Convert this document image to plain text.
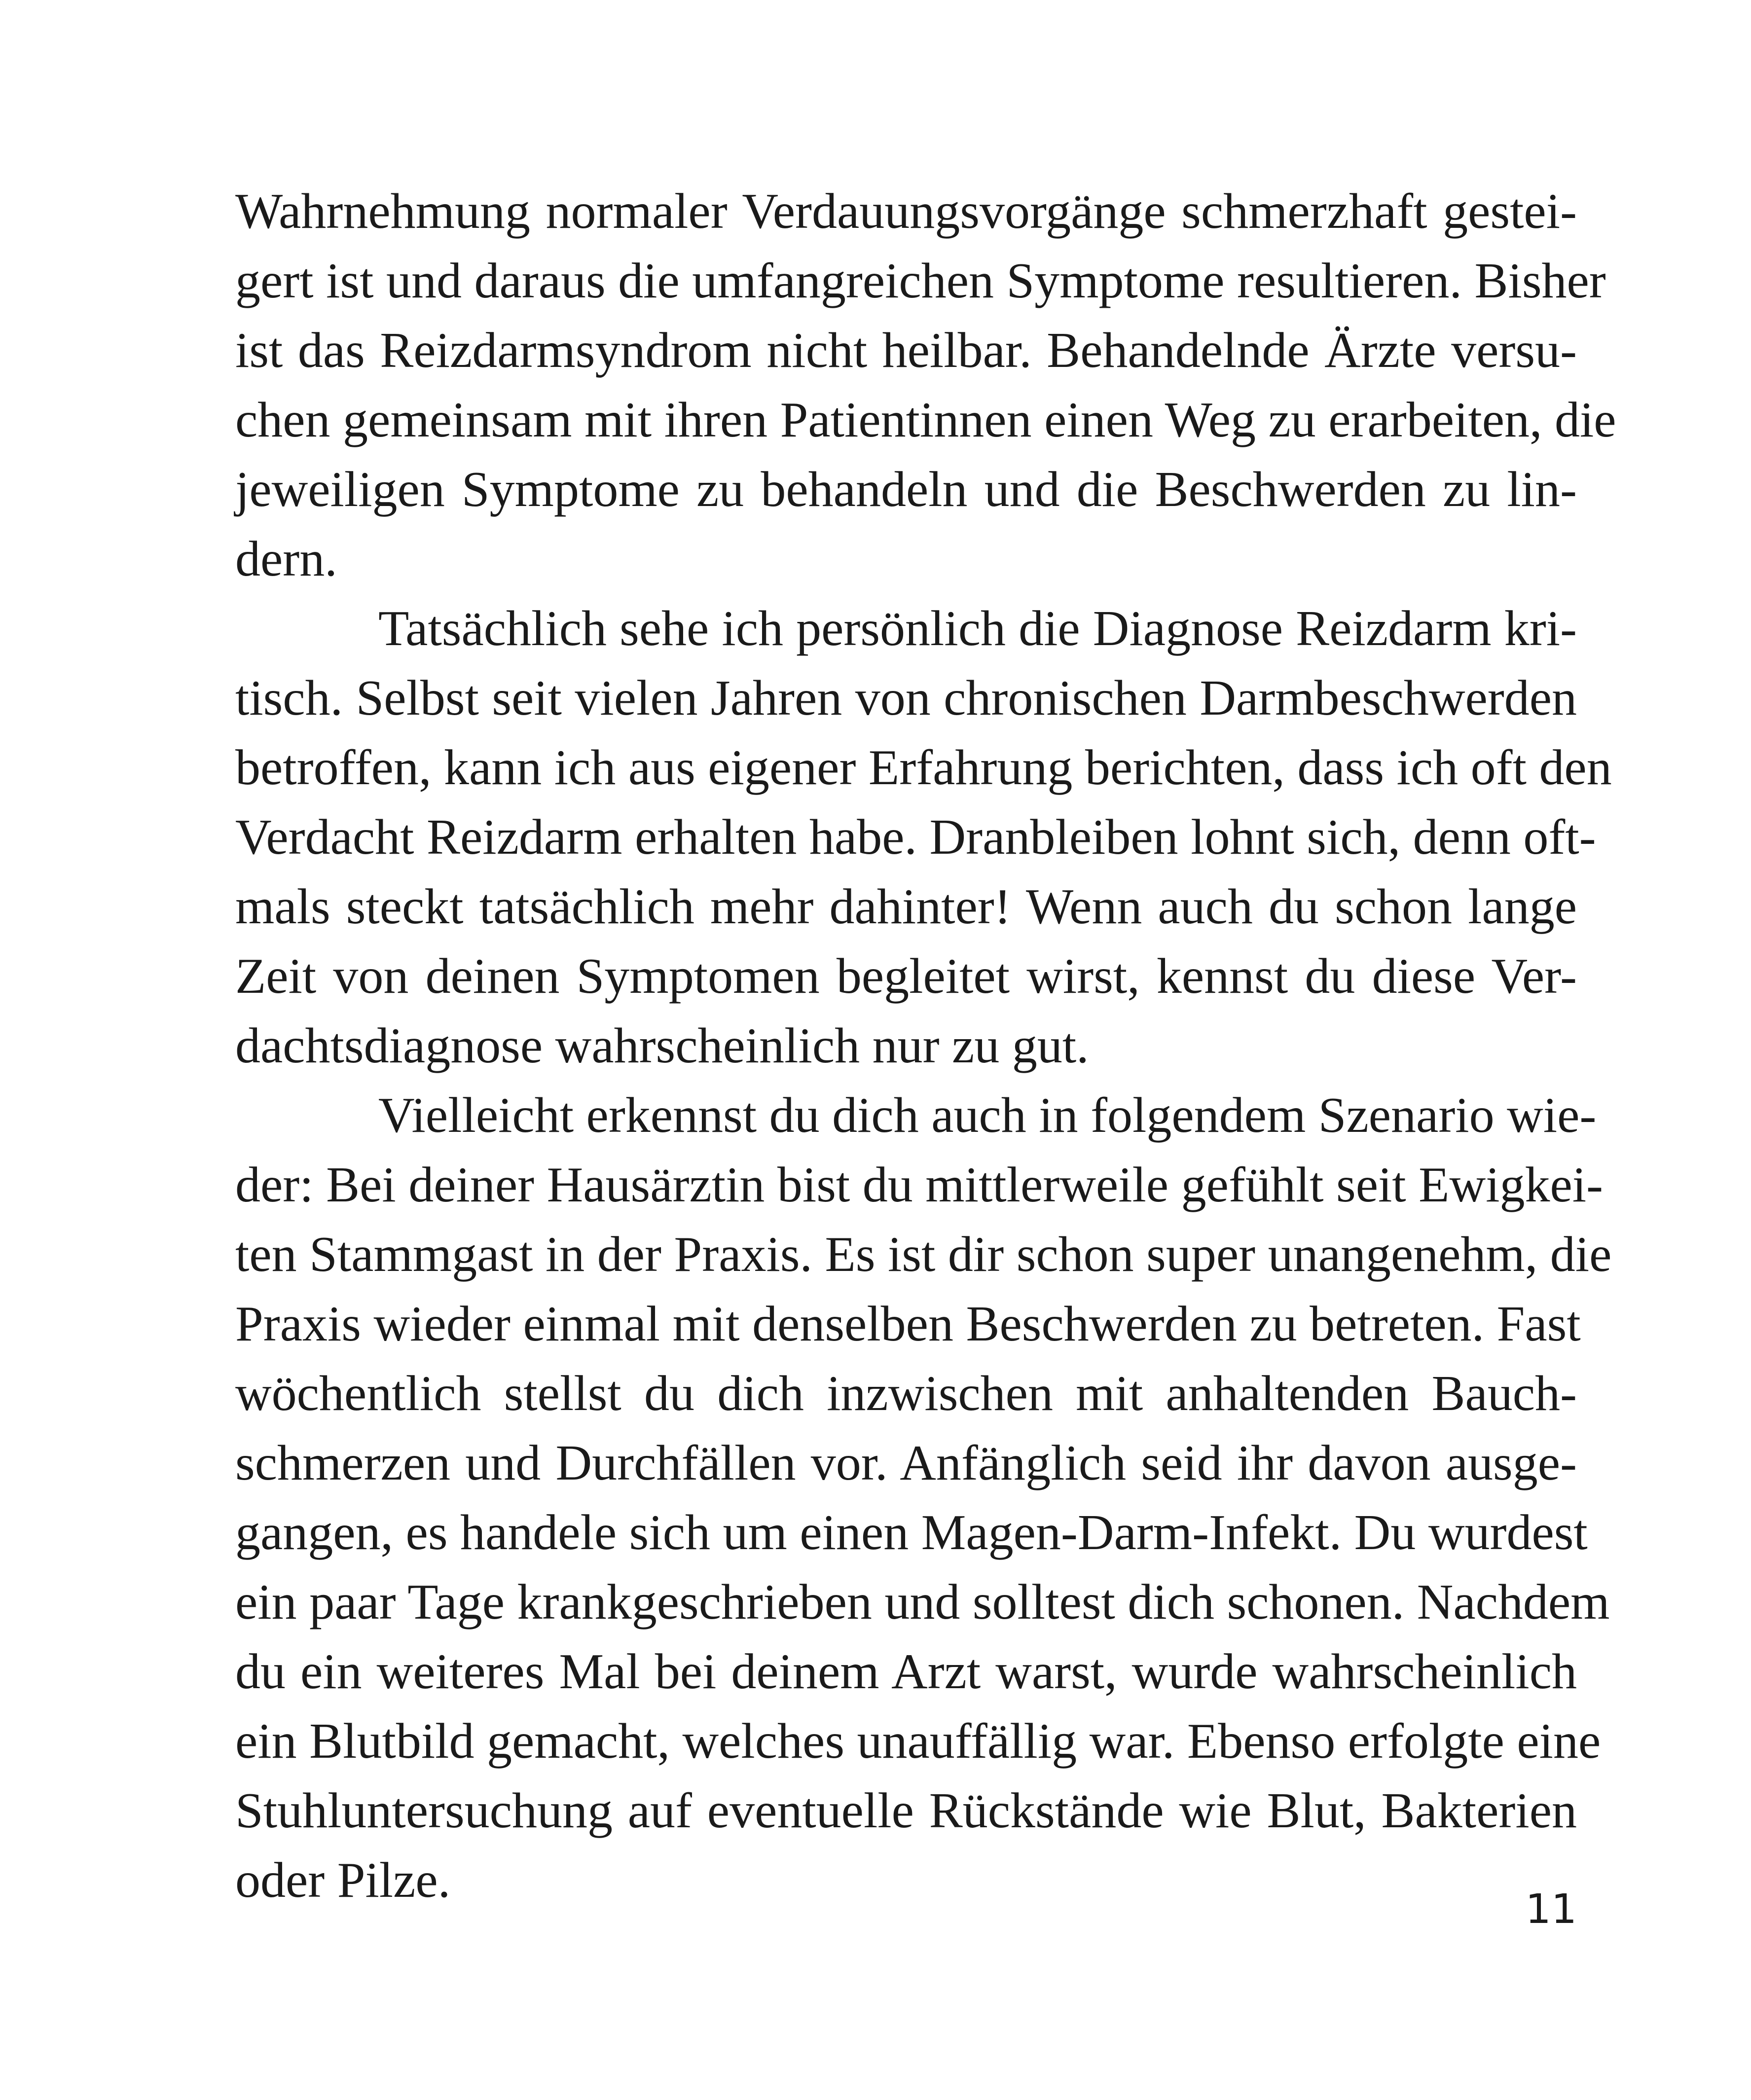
Wahrnehmung normaler Verdauungsvorgänge schmerzhaft gestei-
gert ist und daraus die umfangreichen Symptome resultieren. Bisher
ist das Reizdarmsyndrom nicht heilbar. Behandelnde Ärzte versu-
chen gemeinsam mit ihren Patientinnen einen Weg zu erarbeiten, die
jeweiligen Symptome zu behandeln und die Beschwerden zu lin-
dern.
Tatsächlich sehe ich persönlich die Diagnose Reizdarm kri-
tisch. Selbst seit vielen Jahren von chronischen Darmbeschwerden
betroffen, kann ich aus eigener Erfahrung berichten, dass ich oft den
Verdacht Reizdarm erhalten habe. Dranbleiben lohnt sich, denn oft-
mals steckt tatsächlich mehr dahinter! Wenn auch du schon lange
Zeit von deinen Symptomen begleitet wirst, kennst du diese Ver-
dachtsdiagnose wahrscheinlich nur zu gut.
Vielleicht erkennst du dich auch in folgendem Szenario wie-
der: Bei deiner Hausärztin bist du mittlerweile gefühlt seit Ewigkei-
ten Stammgast in der Praxis. Es ist dir schon super unangenehm, die
Praxis wieder einmal mit denselben Beschwerden zu betreten. Fast
wöchentlich stellst du dich inzwischen mit anhaltenden Bauch-
schmerzen und Durchfällen vor. Anfänglich seid ihr davon ausge-
gangen, es handele sich um einen Magen-Darm-Infekt. Du wurdest
ein paar Tage krankgeschrieben und solltest dich schonen. Nachdem
du ein weiteres Mal bei deinem Arzt warst, wurde wahrscheinlich
ein Blutbild gemacht, welches unauffällig war. Ebenso erfolgte eine
Stuhluntersuchung auf eventuelle Rückstände wie Blut, Bakterien
oder Pilze.
11
